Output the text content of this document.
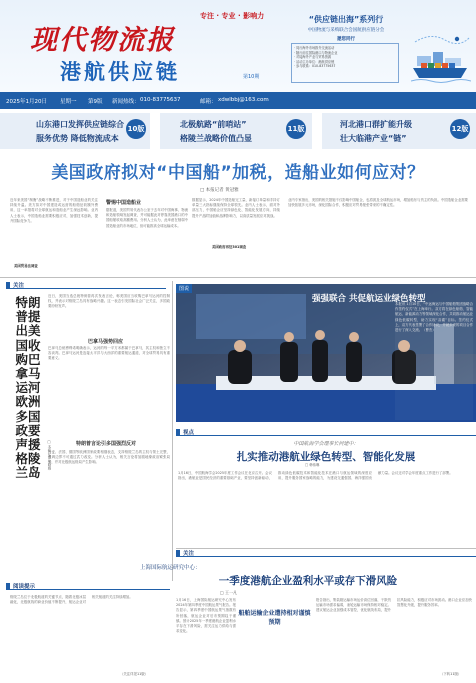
现代物流报
专注 · 专业 · 影响力
港航供应链	第10期
“供应链出海”系列行
中国物流与采购联合会国航供应链分会
邀您同行
· 同行海外市场推介交流活动
· 随行前往国际港口与物流企业
· 对接海外产业与贸易资源
· 活动主办单位：港航供应链
· 参与联系：010-83775637
2025年1月20日 星期一 第9版 新闻热线： 010-83775637	邮箱： xdwlbbj@163.com
山东港口发挥供应链综合
服务优势 降低物流成本
10版	北极航路“前哨站”
格陵兰战略价值凸显
11版	河北港口群扩能升级
壮大临港产业“链”
12版
美国政府拟对“中国船”加税，造船业如何应对？
□ 本报记者 黄冠雅
近年来美国“制衡”战略不断推进，对于中国造船业的关注持续升温。美方拟对中国建造或运营的船舶征收额外费用，这一举措将对全球航运和造船业产生深远影响。业内人士表示，中国造船业需要积极应对，加强技术创新，提升国际竞争力。
美国贸易法调查
警惕中国造船业
据报道，美国贸易代表办公室于去年对中国海事、物流和造船领域发起调查，并可能据此对停靠美国港口的中国船舶收取高额费用。分析人士认为，此举意在削弱中国造船业的市场地位，但可能推高全球运输成本。
数据显示，2024年中国造船完工量、新接订单量和手持订单量三大指标继续保持全球领先。业内人士表示，面对外部压力，中国船企应坚持绿色化、智能化发展方向，持续提升产品附加值和品牌影响力，以高质量发展应对挑战。
美国政府再征301调查
业内专家指出，美国的相关措施不仅影响中国船企，也将波及全球航运市场，增加船东与货主的负担。中国造船企业需要加快拓展多元市场，深化国际合作，积极应对贸易壁垒带来的不确定性。
关注
特朗普提出美国收购巴拿马运河欧洲多国政要声援格陵兰岛
□ 本报记者 朱晓雅
近日，美国当选总统特朗普再次发表言论，称美国应当收购巴拿马运河的控制权，并表示对格陵兰岛具有战略兴趣。这一表态引发国际社会广泛关注，多国政要纷纷发声。
巴拿马强势回应
巴拿马总统穆利诺明确表示，运河的每一平方米都属于巴拿马，其主权和独立不容谈判。巴拿马运河是连接太平洋与大西洋的重要航运通道，对全球贸易具有重要意义。
特朗普言论引多国强烈反对
丹麦、法国、德国等欧洲国家政要相继表态，支持格陵兰岛的主权与领土完整，强调边界不可通过武力改变。分析人士认为，相关言论将加剧地缘政治紧张局势，并对北极航运格局产生影响。
图说
强强联合 共促航运业绿色转型
本报讯 1月10日，“中远海运与中国船舶集团战略合作签约仪式”在上海举行。双方将在绿色船舶、智能航运、新能源动力等领域深化合作，共同推动航运业绿色低碳转型，助力实现“双碳”目标。签约仪式上，双方代表签署了合作协议，并就未来的项目合作进行了深入交流。（曹杰）
视点
中国航海学会理事长何建中：
扎实推动港航业绿色转型、智能化发展
□ 韩伟琳
1月16日，中国航海学会2025年度工作会议在北京召开。会议指出，港航业是国民经济的重要基础产业，要坚持创新驱动，推动绿色低碳技术和智能化技术在港口与航运领域的深度应用，提升服务国家战略的能力，为建设交通强国、海洋强国贡献力量。会议还对学会年度重点工作进行了部署。
关注
上海国际航运研究中心：
一季度港航企业盈利水平或存下滑风险
□ 王一凡
1月16日，上海国际航运研究中心发布2024年第四季度中国航运景气报告。报告显示，第四季度中国航运景气指数有所回落，航运企业对后市预期趋于谨慎。预计2025年一季度港航企业盈利水平存在下滑风险，需关注运力供给与需求变化。
船舶运输企业遭持相对谨慎预期
报告指出，集装箱运输市场运价高位回落，干散货运输市场需求偏弱，油轮运输市场保持相对稳定。建议航运企业加强成本管控，优化航线布局，提升抗风险能力，积极应对市场波动。港口企业应加快智慧化升级，提升服务效率。
（下转11版）
阅读提示
格陵兰岛位于北极航道的关键节点，随着北极冰层融化，北极航线的商业价值不断提升，航运企业对相关航道的关注持续增加。
（关注详见11版）
